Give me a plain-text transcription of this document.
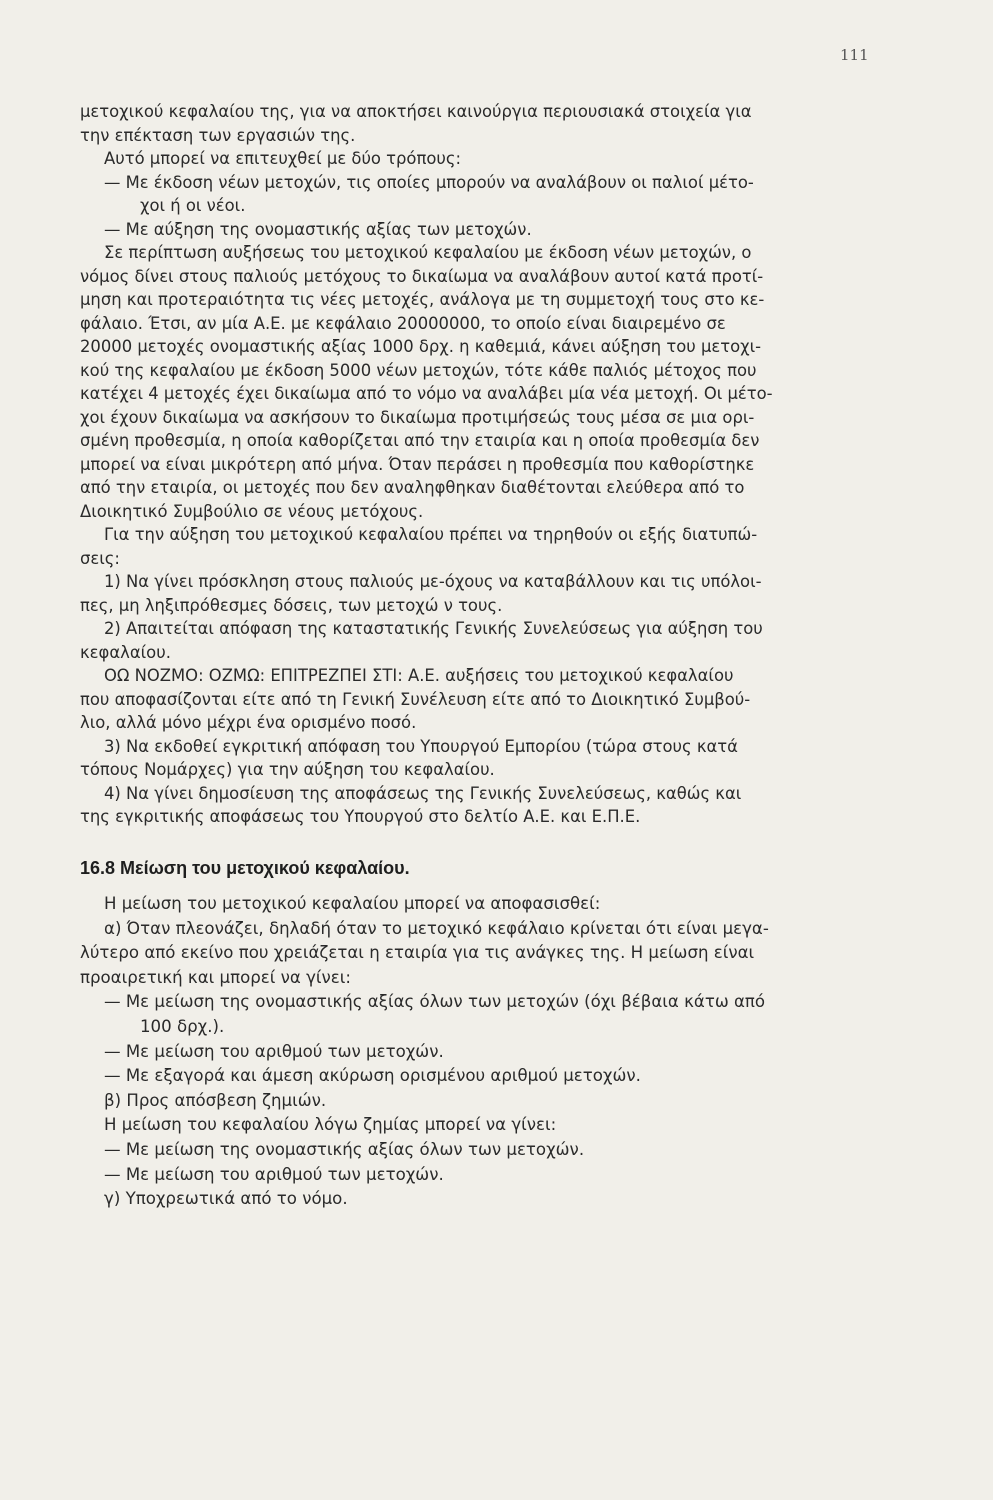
111
μετοχικού κεφαλαίου της, για να αποκτήσει καινούργια περιουσιακά στοιχεία για
την επέκταση των εργασιών της.
Αυτό μπορεί να επιτευχθεί με δύο τρόπους:
— Με έκδοση νέων μετοχών, τις οποίες μπορούν να αναλάβουν οι παλιοί μέτο-
χοι ή οι νέοι.
— Με αύξηση της ονομαστικής αξίας των μετοχών.
Σε περίπτωση αυξήσεως του μετοχικού κεφαλαίου με έκδοση νέων μετοχών, ο
νόμος δίνει στους παλιούς μετόχους το δικαίωμα να αναλάβουν αυτοί κατά προτί-
μηση και προτεραιότητα τις νέες μετοχές, ανάλογα με τη συμμετοχή τους στο κε-
φάλαιο. Έτσι, αν μία Α.Ε. με κεφάλαιο 20000000, το οποίο είναι διαιρεμένο σε
20000 μετοχές ονομαστικής αξίας 1000 δρχ. η καθεμιά, κάνει αύξηση του μετοχι-
κού της κεφαλαίου με έκδοση 5000 νέων μετοχών, τότε κάθε παλιός μέτοχος που
κατέχει 4 μετοχές έχει δικαίωμα από το νόμο να αναλάβει μία νέα μετοχή. Οι μέτο-
χοι έχουν δικαίωμα να ασκήσουν το δικαίωμα προτιμήσεώς τους μέσα σε μια ορι-
σμένη προθεσμία, η οποία καθορίζεται από την εταιρία και η οποία προθεσμία δεν
μπορεί να είναι μικρότερη από μήνα. Όταν περάσει η προθεσμία που καθορίστηκε
από την εταιρία, οι μετοχές που δεν αναληφθηκαν διαθέτονται ελεύθερα από το
Διοικητικό Συμβούλιο σε νέους μετόχους.
Για την αύξηση του μετοχικού κεφαλαίου πρέπει να τηρηθούν οι εξής διατυπώ-
σεις:
1) Να γίνει πρόσκληση στους παλιούς με-όχους να καταβάλλουν και τις υπόλοι-
πες, μη ληξιπρόθεσμες δόσεις, των μετοχώ ν τους.
2) Απαιτείται απόφαση της καταστατικής Γενικής Συνελεύσεως για αύξηση του
κεφαλαίου.
ΟΩ ΝΟΖΜΟ: ΟΖΜΩ: ΕΠΙΤΡΕΖΠΕΙ ΣΤΙ: Α.Ε. αυξήσεις του μετοχικού κεφαλαίου
που αποφασίζονται είτε από τη Γενική Συνέλευση είτε από το Διοικητικό Συμβού-
λιο, αλλά μόνο μέχρι ένα ορισμένο ποσό.
3) Να εκδοθεί εγκριτική απόφαση του Υπουργού Εμπορίου (τώρα στους κατά
τόπους Νομάρχες) για την αύξηση του κεφαλαίου.
4) Να γίνει δημοσίευση της αποφάσεως της Γενικής Συνελεύσεως, καθώς και
της εγκριτικής αποφάσεως του Υπουργού στο δελτίο Α.Ε. και Ε.Π.Ε.
16.8 Μείωση του μετοχικού κεφαλαίου.
Η μείωση του μετοχικού κεφαλαίου μπορεί να αποφασισθεί:
α) Όταν πλεονάζει, δηλαδή όταν το μετοχικό κεφάλαιο κρίνεται ότι είναι μεγα-
λύτερο από εκείνο που χρειάζεται η εταιρία για τις ανάγκες της. Η μείωση είναι
προαιρετική και μπορεί να γίνει:
— Με μείωση της ονομαστικής αξίας όλων των μετοχών (όχι βέβαια κάτω από
100 δρχ.).
— Με μείωση του αριθμού των μετοχών.
— Με εξαγορά και άμεση ακύρωση ορισμένου αριθμού μετοχών.
β) Προς απόσβεση ζημιών.
Η μείωση του κεφαλαίου λόγω ζημίας μπορεί να γίνει:
— Με μείωση της ονομαστικής αξίας όλων των μετοχών.
— Με μείωση του αριθμού των μετοχών.
γ) Υποχρεωτικά από το νόμο.
